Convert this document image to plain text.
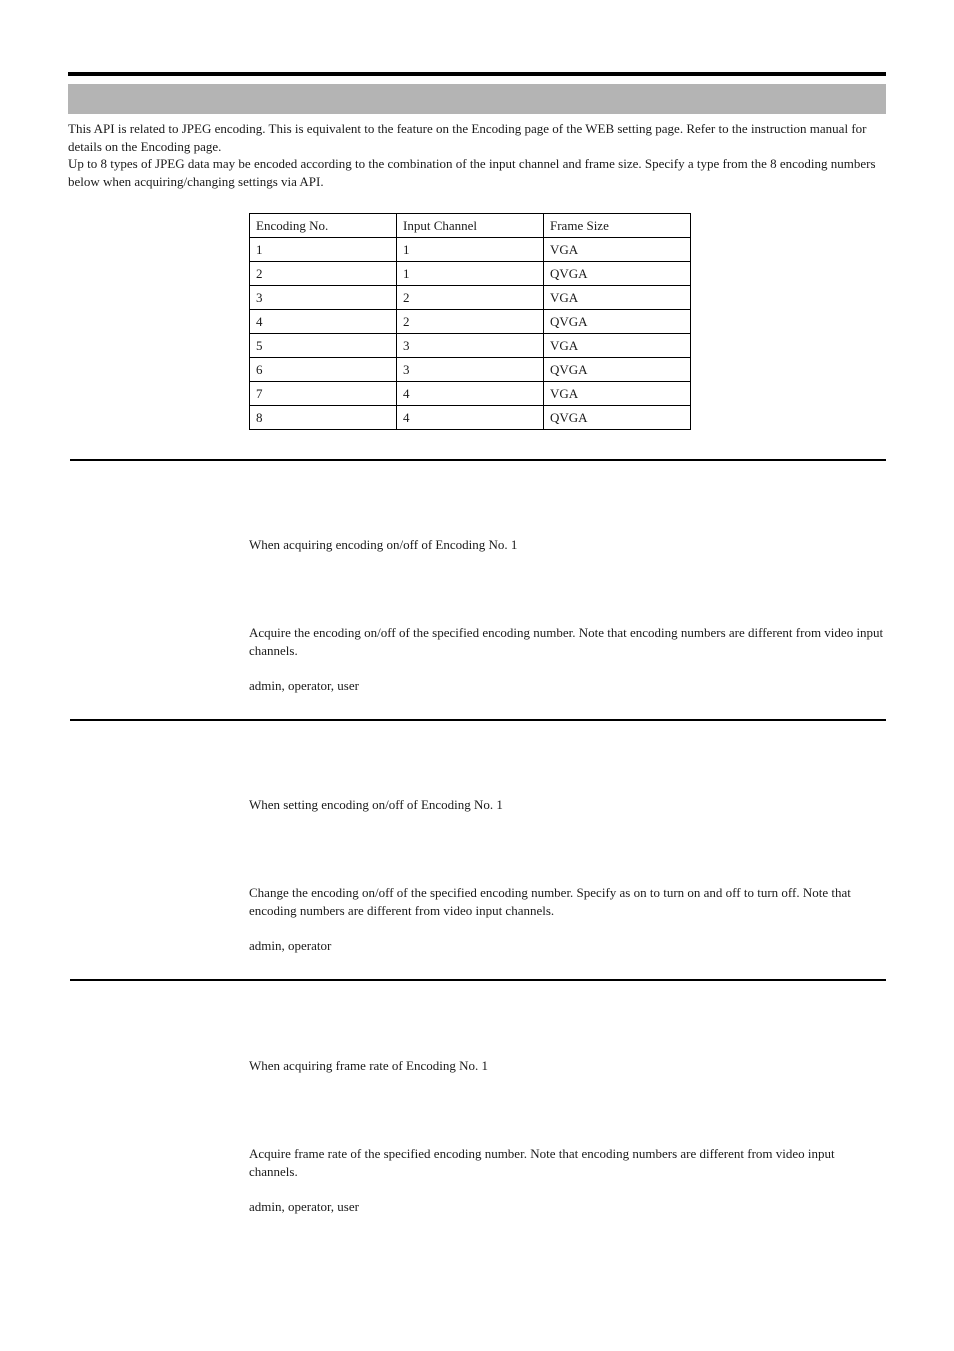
This API is related to JPEG encoding. This is equivalent to the feature on the Encoding page of the WEB setting page. Refer to the instruction manual for details on the Encoding page.

Up to 8 types of JPEG data may be encoded according to the combination of the input channel and frame size. Specify a type from the 8 encoding numbers below when acquiring/changing settings via API.

Encoding No.	Input Channel	Frame Size
1	1	VGA
2	1	QVGA
3	2	VGA
4	2	QVGA
5	3	VGA
6	3	QVGA
7	4	VGA
8	4	QVGA

When acquiring encoding on/off of Encoding No. 1

Acquire the encoding on/off of the specified encoding number. Note that encoding numbers are different from video input channels.

admin, operator, user

When setting encoding on/off of Encoding No. 1

Change the encoding on/off of the specified encoding number. Specify as on to turn on and off to turn off. Note that encoding numbers are different from video input channels.

admin, operator

When acquiring frame rate of Encoding No. 1

Acquire frame rate of the specified encoding number. Note that encoding numbers are different from video input channels.

admin, operator, user
